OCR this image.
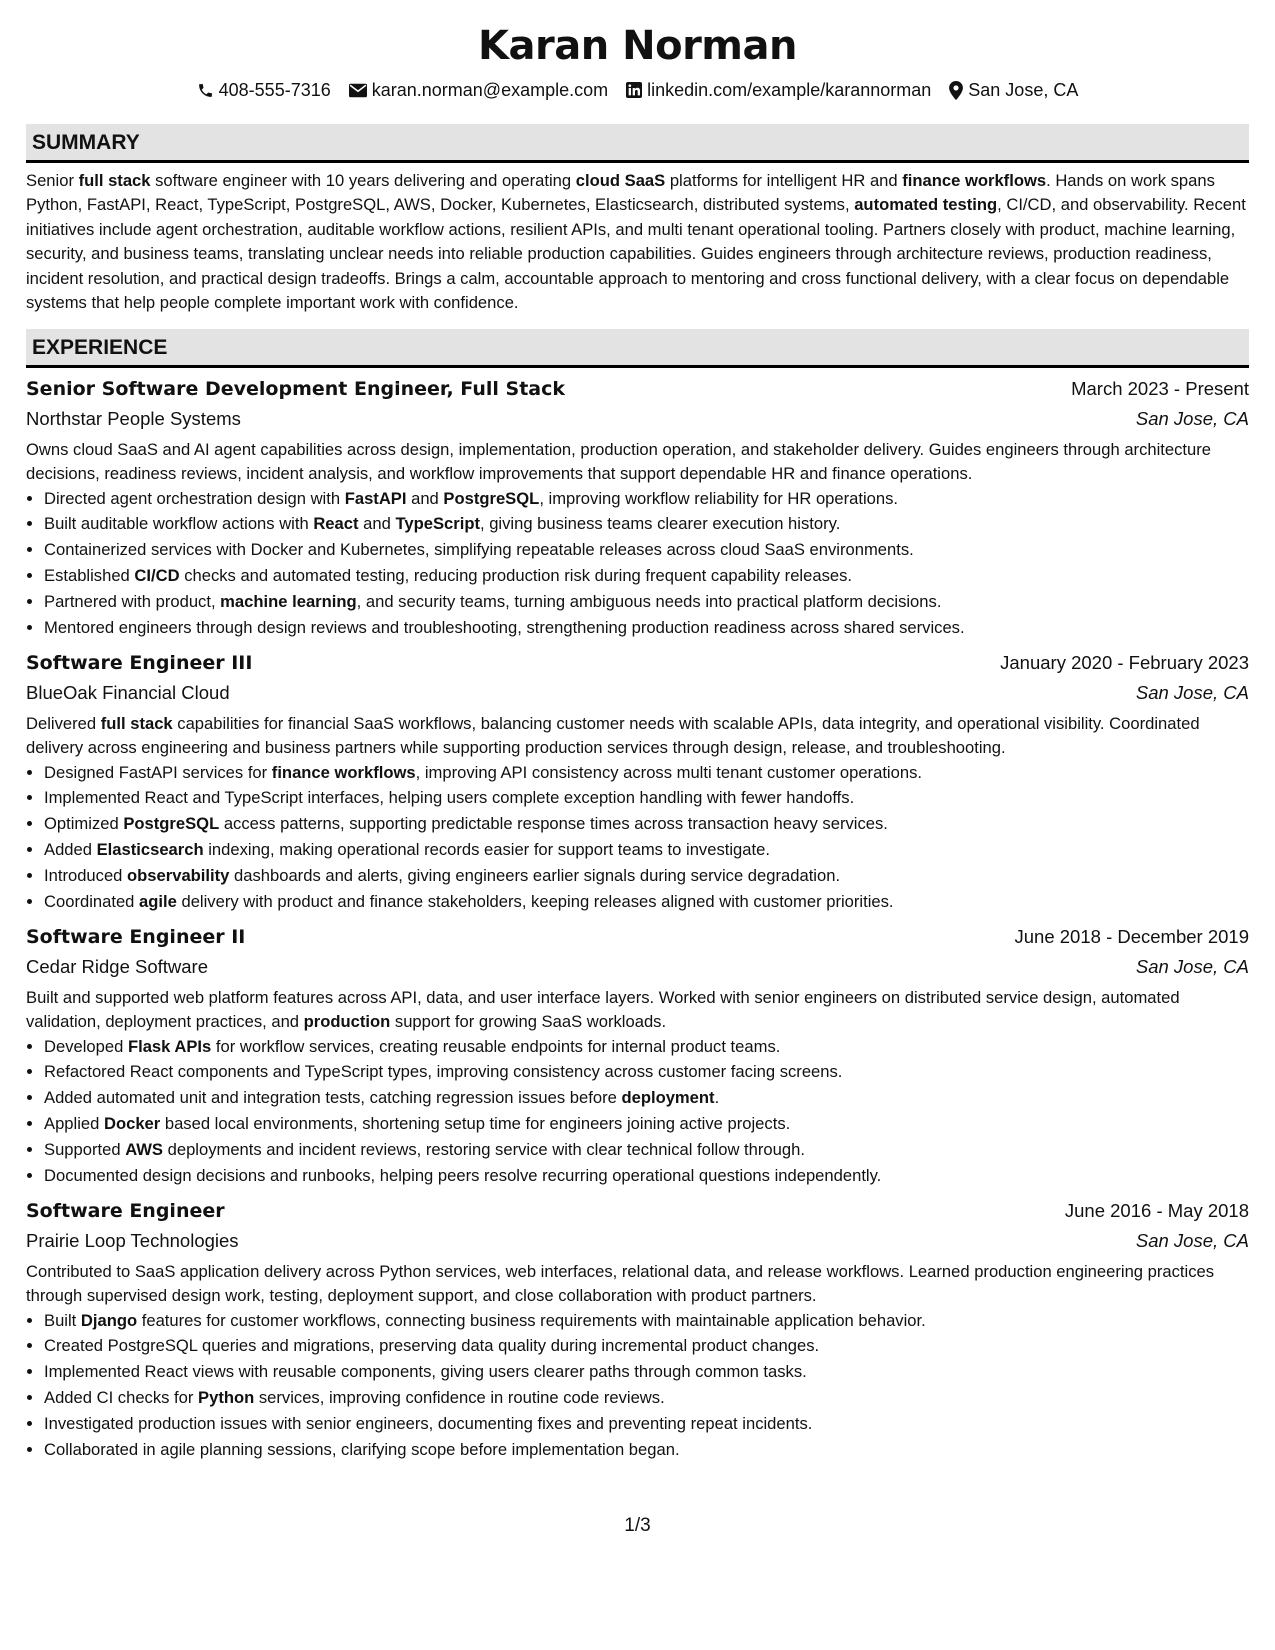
Karan Norman
408-555-7316 karan.norman@example.com linkedin.com/example/karannorman San Jose, CA
SUMMARY
Senior full stack software engineer with 10 years delivering and operating cloud SaaS platforms for intelligent HR and finance workflows. Hands on work spans Python, FastAPI, React, TypeScript, PostgreSQL, AWS, Docker, Kubernetes, Elasticsearch, distributed systems, automated testing, CI/CD, and observability. Recent initiatives include agent orchestration, auditable workflow actions, resilient APIs, and multi tenant operational tooling. Partners closely with product, machine learning, security, and business teams, translating unclear needs into reliable production capabilities. Guides engineers through architecture reviews, production readiness, incident resolution, and practical design tradeoffs. Brings a calm, accountable approach to mentoring and cross functional delivery, with a clear focus on dependable systems that help people complete important work with confidence.
EXPERIENCE
Senior Software Development Engineer, Full Stack	March 2023 - Present
Northstar People Systems	San Jose, CA
Owns cloud SaaS and AI agent capabilities across design, implementation, production operation, and stakeholder delivery. Guides engineers through architecture decisions, readiness reviews, incident analysis, and workflow improvements that support dependable HR and finance operations.
• Directed agent orchestration design with FastAPI and PostgreSQL, improving workflow reliability for HR operations.
• Built auditable workflow actions with React and TypeScript, giving business teams clearer execution history.
• Containerized services with Docker and Kubernetes, simplifying repeatable releases across cloud SaaS environments.
• Established CI/CD checks and automated testing, reducing production risk during frequent capability releases.
• Partnered with product, machine learning, and security teams, turning ambiguous needs into practical platform decisions.
• Mentored engineers through design reviews and troubleshooting, strengthening production readiness across shared services.
Software Engineer III	January 2020 - February 2023
BlueOak Financial Cloud	San Jose, CA
Delivered full stack capabilities for financial SaaS workflows, balancing customer needs with scalable APIs, data integrity, and operational visibility. Coordinated delivery across engineering and business partners while supporting production services through design, release, and troubleshooting.
• Designed FastAPI services for finance workflows, improving API consistency across multi tenant customer operations.
• Implemented React and TypeScript interfaces, helping users complete exception handling with fewer handoffs.
• Optimized PostgreSQL access patterns, supporting predictable response times across transaction heavy services.
• Added Elasticsearch indexing, making operational records easier for support teams to investigate.
• Introduced observability dashboards and alerts, giving engineers earlier signals during service degradation.
• Coordinated agile delivery with product and finance stakeholders, keeping releases aligned with customer priorities.
Software Engineer II	June 2018 - December 2019
Cedar Ridge Software	San Jose, CA
Built and supported web platform features across API, data, and user interface layers. Worked with senior engineers on distributed service design, automated validation, deployment practices, and production support for growing SaaS workloads.
• Developed Flask APIs for workflow services, creating reusable endpoints for internal product teams.
• Refactored React components and TypeScript types, improving consistency across customer facing screens.
• Added automated unit and integration tests, catching regression issues before deployment.
• Applied Docker based local environments, shortening setup time for engineers joining active projects.
• Supported AWS deployments and incident reviews, restoring service with clear technical follow through.
• Documented design decisions and runbooks, helping peers resolve recurring operational questions independently.
Software Engineer	June 2016 - May 2018
Prairie Loop Technologies	San Jose, CA
Contributed to SaaS application delivery across Python services, web interfaces, relational data, and release workflows. Learned production engineering practices through supervised design work, testing, deployment support, and close collaboration with product partners.
• Built Django features for customer workflows, connecting business requirements with maintainable application behavior.
• Created PostgreSQL queries and migrations, preserving data quality during incremental product changes.
• Implemented React views with reusable components, giving users clearer paths through common tasks.
• Added CI checks for Python services, improving confidence in routine code reviews.
• Investigated production issues with senior engineers, documenting fixes and preventing repeat incidents.
• Collaborated in agile planning sessions, clarifying scope before implementation began.
1/3
